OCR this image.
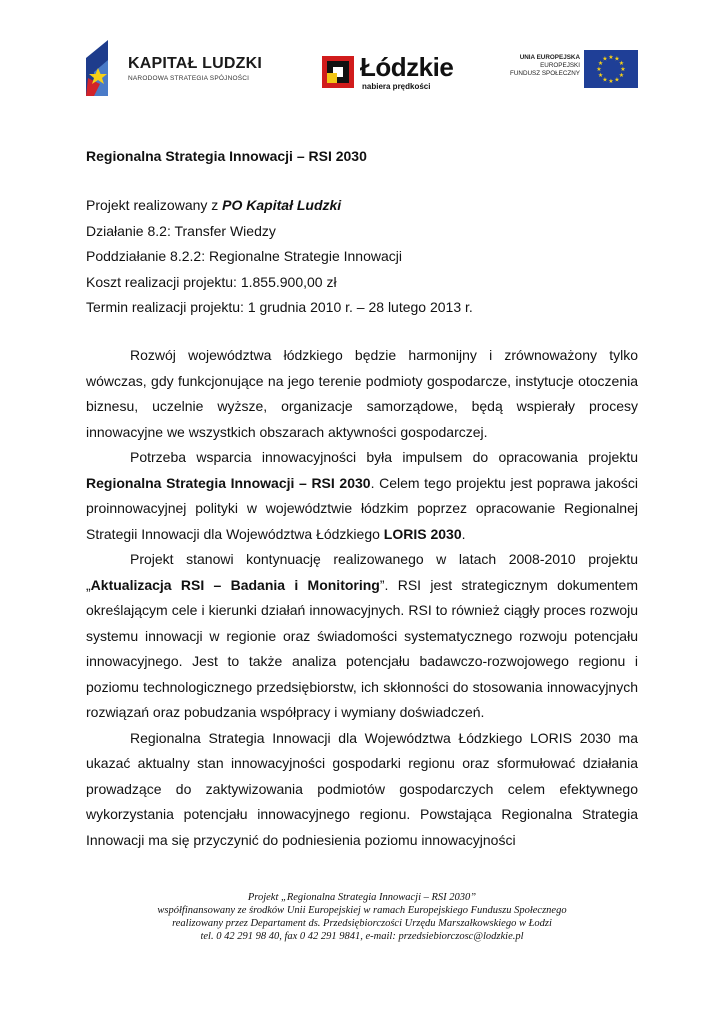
KAPITAŁ LUDZKI
NARODOWA STRATEGIA SPÓJNOŚCI	Łódzkie
nabiera prędkości
UNIA EUROPEJSKA
EUROPEJSKI
FUNDUSZ SPOŁECZNY
★ ★
★
★
★
★
★
★
★
★
★
★
Regionalna Strategia Innowacji – RSI 2030
Projekt realizowany z PO Kapitał Ludzki
Działanie 8.2: Transfer Wiedzy
Poddziałanie 8.2.2: Regionalne Strategie Innowacji
Koszt realizacji projektu: 1.855.900,00 zł
Termin realizacji projektu: 1 grudnia 2010 r. – 28 lutego 2013 r.

Rozwój województwa łódzkiego będzie harmonijny i zrównoważony tylko wówczas, gdy funkcjonujące na jego terenie podmioty gospodarcze, instytucje otoczenia biznesu, uczelnie wyższe, organizacje samorządowe, będą wspierały procesy innowacyjne we wszystkich obszarach aktywności gospodarczej.

Potrzeba wsparcia innowacyjności była impulsem do opracowania projektu Regionalna Strategia Innowacji – RSI 2030. Celem tego projektu jest poprawa jakości proinnowacyjnej polityki w województwie łódzkim poprzez opracowanie Regionalnej Strategii Innowacji dla Województwa Łódzkiego LORIS 2030.

Projekt stanowi kontynuację realizowanego w latach 2008-2010 projektu „Aktualizacja RSI – Badania i Monitoring”. RSI jest strategicznym dokumentem określającym cele i kierunki działań innowacyjnych. RSI to również ciągły proces rozwoju systemu innowacji w regionie oraz świadomości systematycznego rozwoju potencjału innowacyjnego. Jest to także analiza potencjału badawczo-rozwojowego regionu i poziomu technologicznego przedsiębiorstw, ich skłonności do stosowania innowacyjnych rozwiązań oraz pobudzania współpracy i wymiany doświadczeń.

Regionalna Strategia Innowacji dla Województwa Łódzkiego LORIS 2030 ma ukazać aktualny stan innowacyjności gospodarki regionu oraz sformułować działania prowadzące do zaktywizowania podmiotów gospodarczych celem efektywnego wykorzystania potencjału innowacyjnego regionu. Powstająca Regionalna Strategia Innowacji ma się przyczynić do podniesienia poziomu innowacyjności

Projekt „Regionalna Strategia Innowacji – RSI 2030”
współfinansowany ze środków Unii Europejskiej w ramach Europejskiego Funduszu Społecznego
realizowany przez Departament ds. Przedsiębiorczości Urzędu Marszałkowskiego w Łodzi
tel. 0 42 291 98 40, fax 0 42 291 9841, e-mail: przedsiebiorczosc@lodzkie.pl
